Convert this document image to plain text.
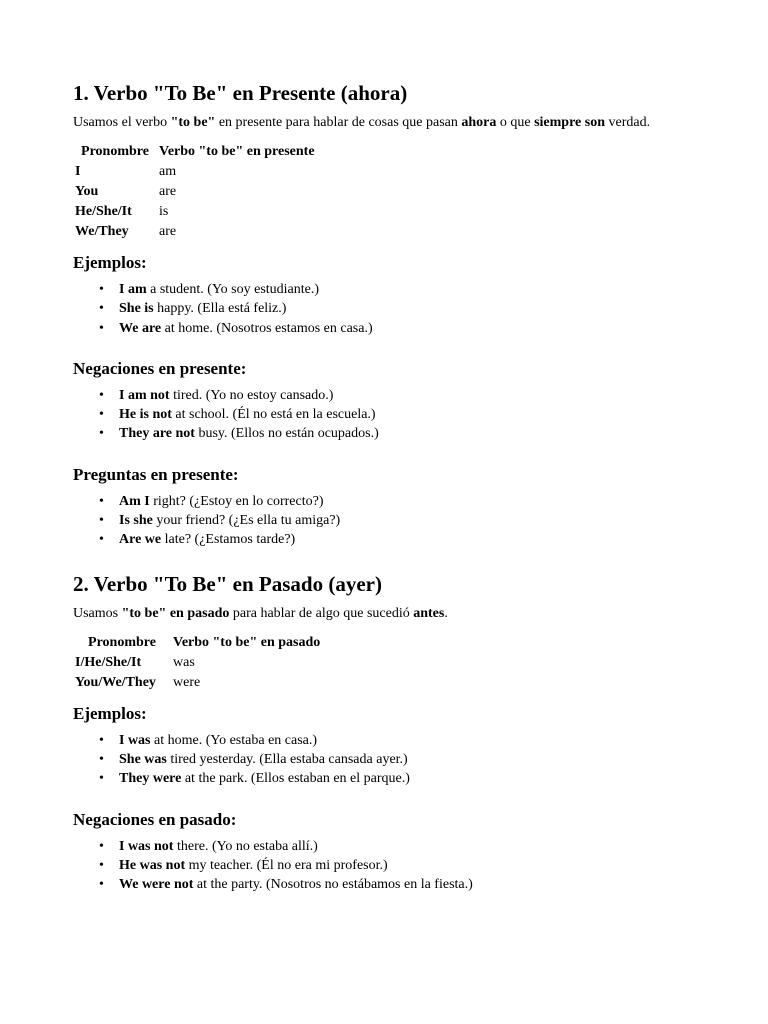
1. Verbo "To Be" en Presente (ahora)

Usamos el verbo "to be" en presente para hablar de cosas que pasan ahora o que siempre son verdad.

Pronombre	Verbo "to be" en presente
I	am
You	are
He/She/It	is
We/They	are
Ejemplos:
• I am a student. (Yo soy estudiante.)
• She is happy. (Ella está feliz.)
• We are at home. (Nosotros estamos en casa.)
Negaciones en presente:
• I am not tired. (Yo no estoy cansado.)
• He is not at school. (Él no está en la escuela.)
• They are not busy. (Ellos no están ocupados.)
Preguntas en presente:
• Am I right? (¿Estoy en lo correcto?)
• Is she your friend? (¿Es ella tu amiga?)
• Are we late? (¿Estamos tarde?)
2. Verbo "To Be" en Pasado (ayer)

Usamos "to be" en pasado para hablar de algo que sucedió antes.

Pronombre	Verbo "to be" en pasado
I/He/She/It	was
You/We/They	were
Ejemplos:
• I was at home. (Yo estaba en casa.)
• She was tired yesterday. (Ella estaba cansada ayer.)
• They were at the park. (Ellos estaban en el parque.)
Negaciones en pasado:
• I was not there. (Yo no estaba allí.)
• He was not my teacher. (Él no era mi profesor.)
• We were not at the party. (Nosotros no estábamos en la fiesta.)
